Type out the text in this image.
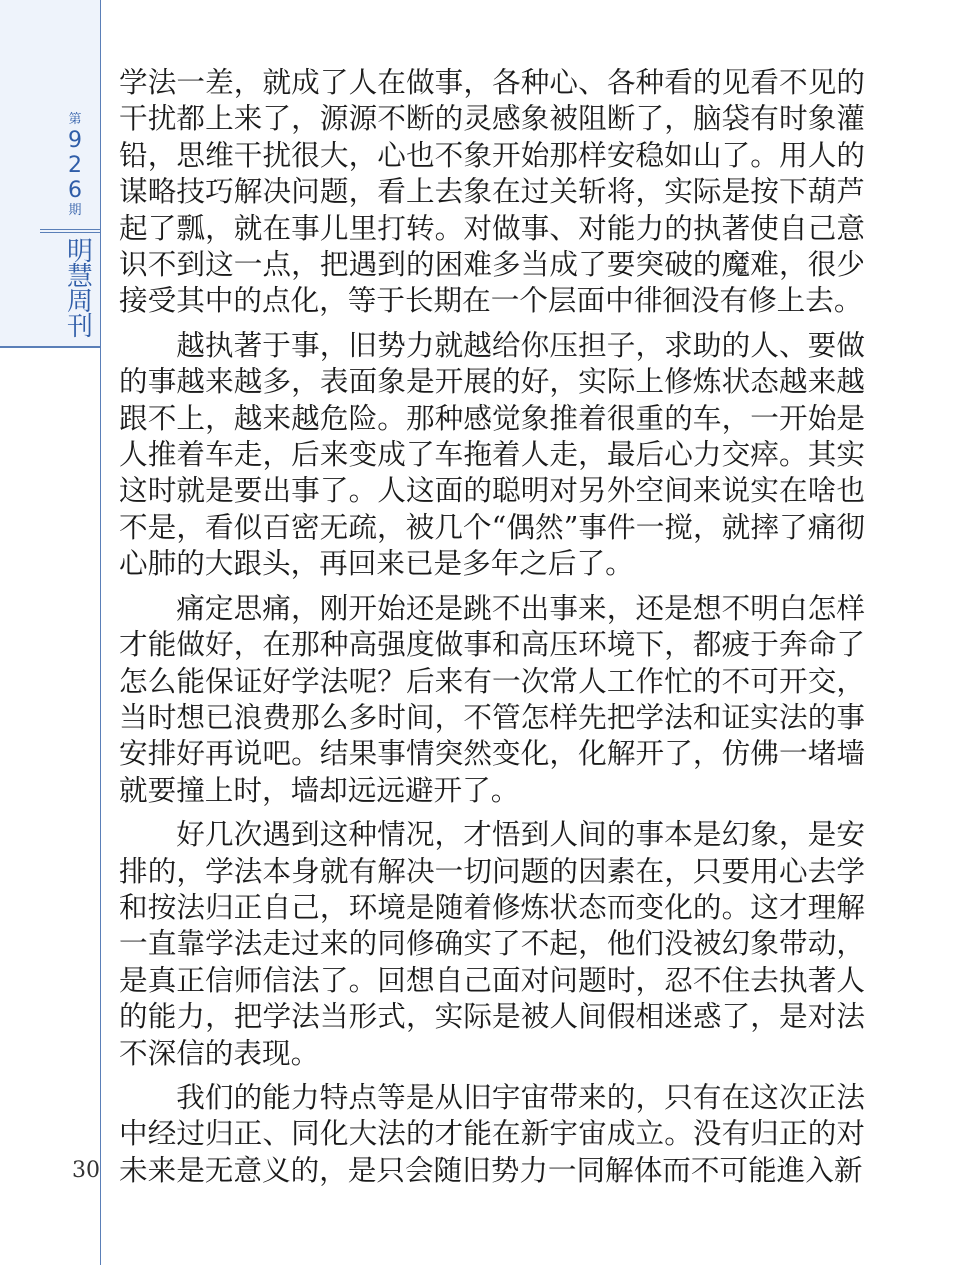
第
9
2
6
期
明慧周刊
30

学法一差，就成了人在做事，各种心、各种看的见看不见的干扰都上来了，源源不断的灵感象被阻断了，脑袋有时象灌铅，思维干扰很大，心也不象开始那样安稳如山了。用人的谋略技巧解决问题，看上去象在过关斩将，实际是按下葫芦起了瓢，就在事儿里打转。对做事、对能力的执著使自己意识不到这一点，把遇到的困难多当成了要突破的魔难，很少接受其中的点化，等于长期在一个层面中徘徊没有修上去。

越执著于事，旧势力就越给你压担子，求助的人、要做的事越来越多，表面象是开展的好，实际上修炼状态越来越跟不上，越来越危险。那种感觉象推着很重的车，一开始是人推着车走，后来变成了车拖着人走，最后心力交瘁。其实这时就是要出事了。人这面的聪明对另外空间来说实在啥也不是，看似百密无疏，被几个“偶然”事件一搅，就摔了痛彻心肺的大跟头，再回来已是多年之后了。

痛定思痛，刚开始还是跳不出事来，还是想不明白怎样才能做好，在那种高强度做事和高压环境下，都疲于奔命了怎么能保证好学法呢？后来有一次常人工作忙的不可开交，当时想已浪费那么多时间，不管怎样先把学法和证实法的事安排好再说吧。结果事情突然变化，化解开了，仿佛一堵墙就要撞上时，墙却远远避开了。

好几次遇到这种情况，才悟到人间的事本是幻象，是安排的，学法本身就有解决一切问题的因素在，只要用心去学和按法归正自己，环境是随着修炼状态而变化的。这才理解一直靠学法走过来的同修确实了不起，他们没被幻象带动，是真正信师信法了。回想自己面对问题时，忍不住去执著人的能力，把学法当形式，实际是被人间假相迷惑了，是对法不深信的表现。

我们的能力特点等是从旧宇宙带来的，只有在这次正法中经过归正、同化大法的才能在新宇宙成立。没有归正的对未来是无意义的，是只会随旧势力一同解体而不可能進入新
